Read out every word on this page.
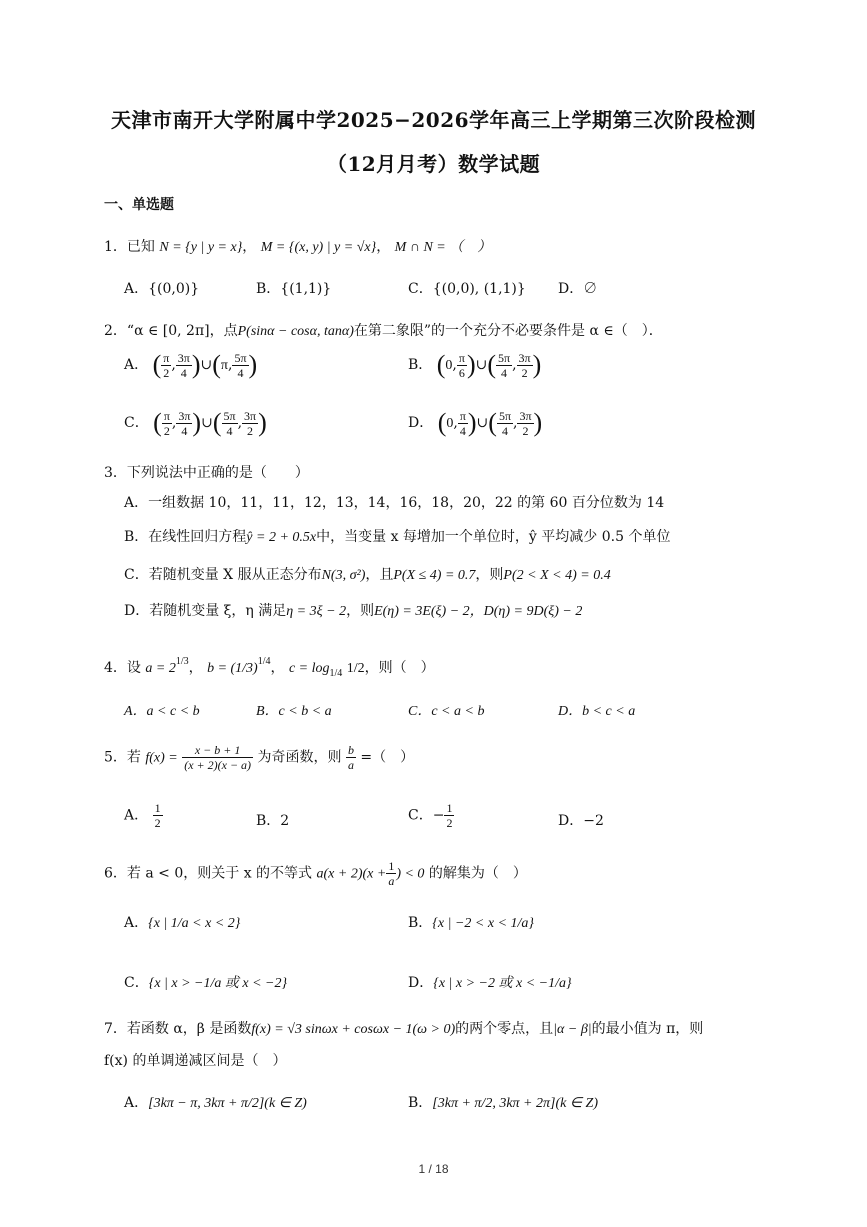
天津市南开大学附属中学2025−2026学年高三上学期第三次阶段检测
（12月月考）数学试题
一、单选题
1．已知 N = {y | y = x}， M = {(x, y) | y = √x}， M ∩ N = （　）
A．{(0,0)}	B．{(1,1)}	C．{(0,0), (1,1)} D．∅
2．“α ∈ [0, 2π]，点P(sinα − cosα, tanα)在第二象限”的一个充分不必要条件是 α ∈（　）．
A． ( $\frac{\pi}{2}$ , $\frac{3\pi}{4}$ )∪(π, $\frac{5\pi}{4}$ )	B． (0, $\frac{\pi}{6}$ )∪( $\frac{5\pi}{4}$ , $\frac{3\pi}{2}$ )
C． ( $\frac{\pi}{2}$ , $\frac{3\pi}{4}$ )∪( $\frac{5\pi}{4}$ , $\frac{3\pi}{2}$ )	D． (0, $\frac{\pi}{4}$ )∪( $\frac{5\pi}{4}$ , $\frac{3\pi}{2}$ )
3．下列说法中正确的是（　　）
A．一组数据 10，11，11，12，13，14，16，18，20，22 的第 60 百分位数为 14
B．在线性回归方程ŷ = 2 + 0.5x中，当变量 x 每增加一个单位时，ŷ 平均减少 0.5 个单位
C．若随机变量 X 服从正态分布N(3, σ²)，且P(X ≤ 4) = 0.7，则P(2 < X < 4) = 0.4
D．若随机变量 ξ，η 满足η = 3ξ − 2，则E(η) = 3E(ξ) − 2，D(η) = 9D(ξ) − 2
4．设 $a = 2^{1/3}$， $b = (1/3)^{1/4}$， $c = \log_{1/4} 1/2$，则（　）
A．a < c < b	B．c < b < a	C．c < a < b	D．b < c < a
5．若 $f(x) = \frac{x - b + 1}{(x + 2)(x - a)}$ 为奇函数，则 $\frac{b}{a}$ =（　）
A． $\frac{1}{2}$	B．2	C．− $\frac{1}{2}$	D．−2
6．若 a < 0，则关于 x 的不等式 $a(x + 2)(x + \frac{1}{a}$ ) < 0 的解集为（　）
A．{x | 1/a < x < 2}	B．{x | −2 < x < 1/a}
C．{x | x > −1/a 或 x < −2}	D．{x | x > −2 或 x < −1/a}
7．若函数 α，β 是函数f(x) = √3 sinωx + cosωx − 1(ω > 0)的两个零点，且|α − β|的最小值为 π，则
f(x) 的单调递减区间是（　）
A．[3kπ − π, 3kπ + π/2](k ∈ Z)	B．[3kπ + π/2, 3kπ + 2π](k ∈ Z)
1 / 18
